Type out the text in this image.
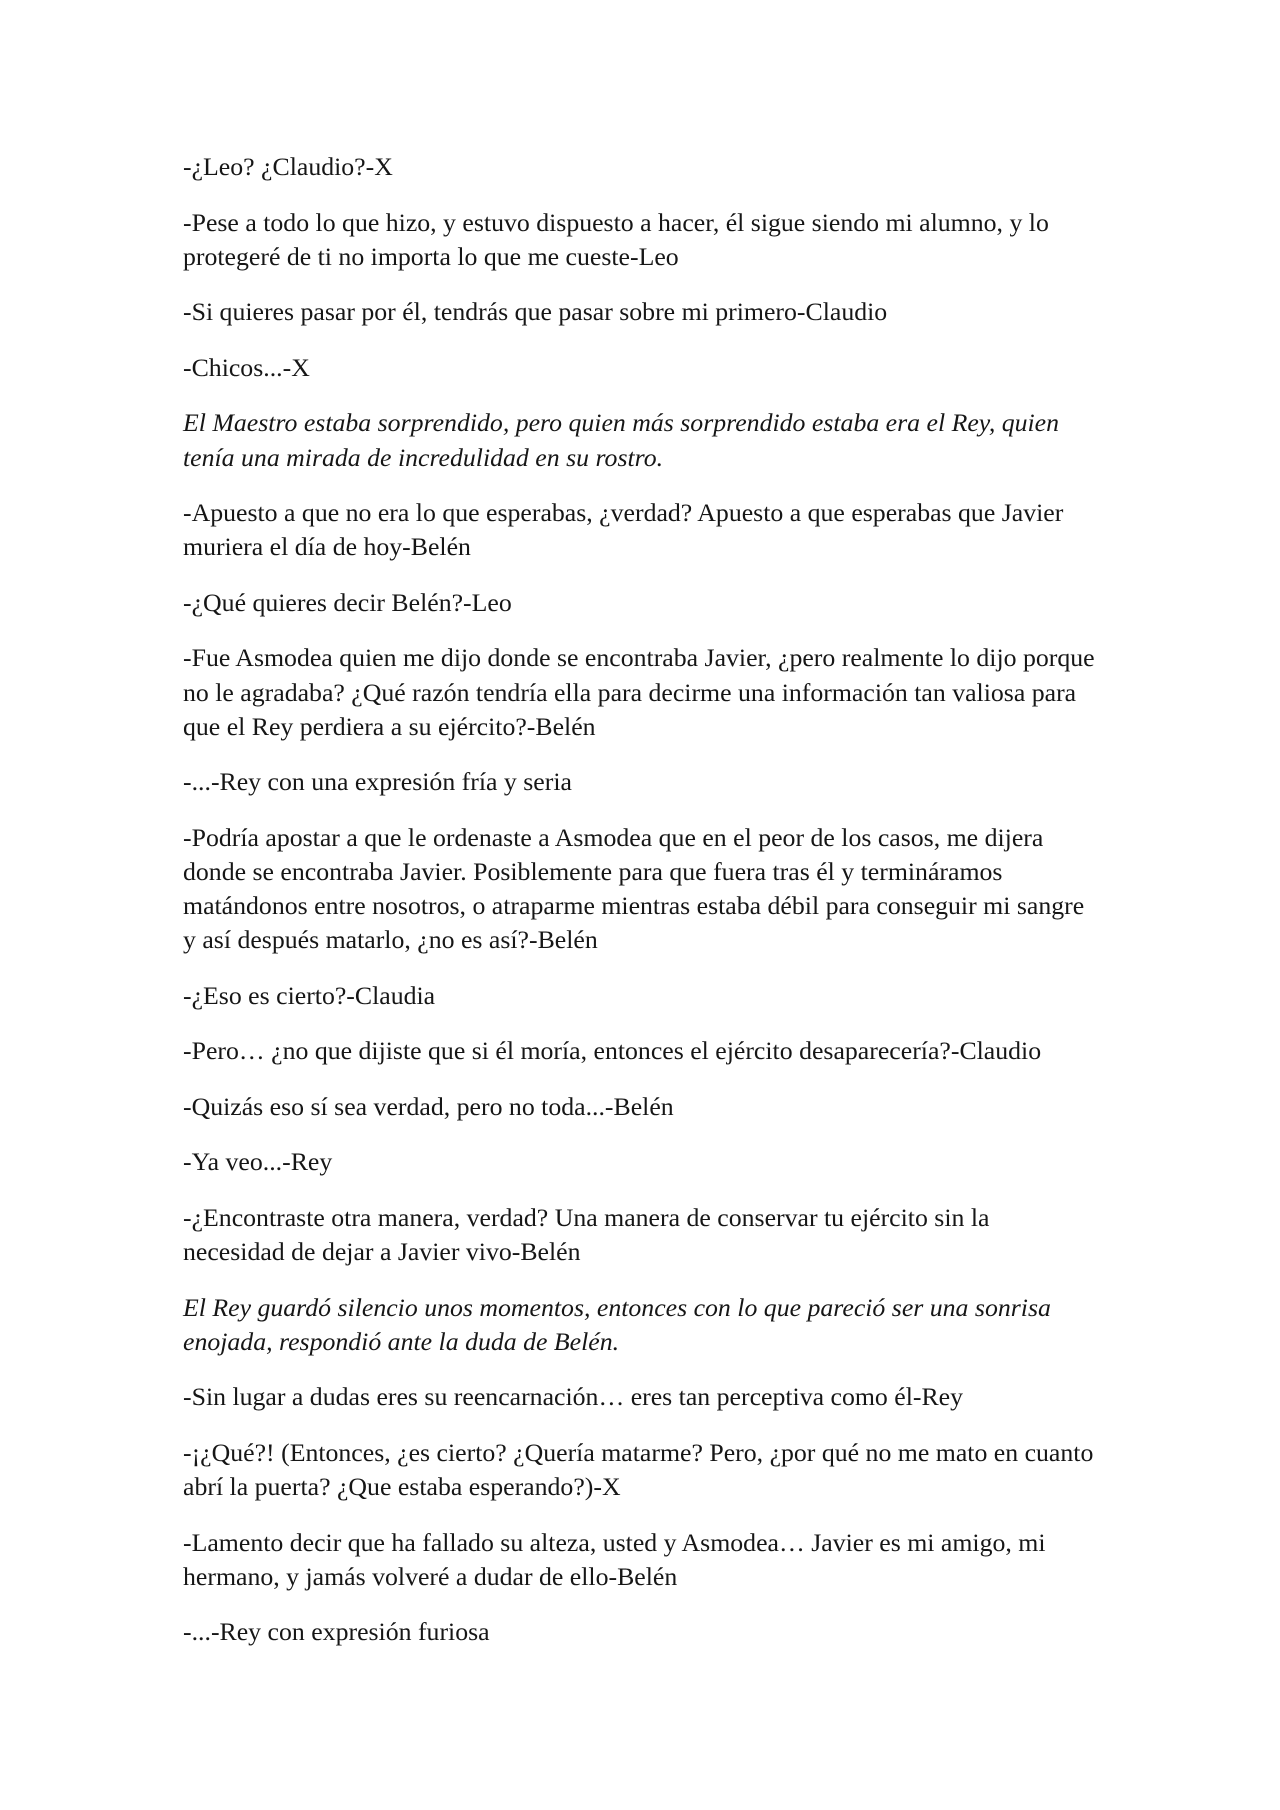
-¿Leo? ¿Claudio?-X

-Pese a todo lo que hizo, y estuvo dispuesto a hacer, él sigue siendo mi alumno, y lo
protegeré de ti no importa lo que me cueste-Leo

-Si quieres pasar por él, tendrás que pasar sobre mi primero-Claudio

-Chicos...-X

El Maestro estaba sorprendido, pero quien más sorprendido estaba era el Rey, quien
tenía una mirada de incredulidad en su rostro.

-Apuesto a que no era lo que esperabas, ¿verdad? Apuesto a que esperabas que Javier
muriera el día de hoy-Belén

-¿Qué quieres decir Belén?-Leo

-Fue Asmodea quien me dijo donde se encontraba Javier, ¿pero realmente lo dijo porque
no le agradaba? ¿Qué razón tendría ella para decirme una información tan valiosa para
que el Rey perdiera a su ejército?-Belén

-...-Rey con una expresión fría y seria

-Podría apostar a que le ordenaste a Asmodea que en el peor de los casos, me dijera
donde se encontraba Javier. Posiblemente para que fuera tras él y termináramos
matándonos entre nosotros, o atraparme mientras estaba débil para conseguir mi sangre
y así después matarlo, ¿no es así?-Belén

-¿Eso es cierto?-Claudia

-Pero… ¿no que dijiste que si él moría, entonces el ejército desaparecería?-Claudio

-Quizás eso sí sea verdad, pero no toda...-Belén

-Ya veo...-Rey

-¿Encontraste otra manera, verdad? Una manera de conservar tu ejército sin la
necesidad de dejar a Javier vivo-Belén

El Rey guardó silencio unos momentos, entonces con lo que pareció ser una sonrisa
enojada, respondió ante la duda de Belén.

-Sin lugar a dudas eres su reencarnación… eres tan perceptiva como él-Rey

-¡¿Qué?! (Entonces, ¿es cierto? ¿Quería matarme? Pero, ¿por qué no me mato en cuanto
abrí la puerta? ¿Que estaba esperando?)-X

-Lamento decir que ha fallado su alteza, usted y Asmodea… Javier es mi amigo, mi
hermano, y jamás volveré a dudar de ello-Belén

-...-Rey con expresión furiosa
